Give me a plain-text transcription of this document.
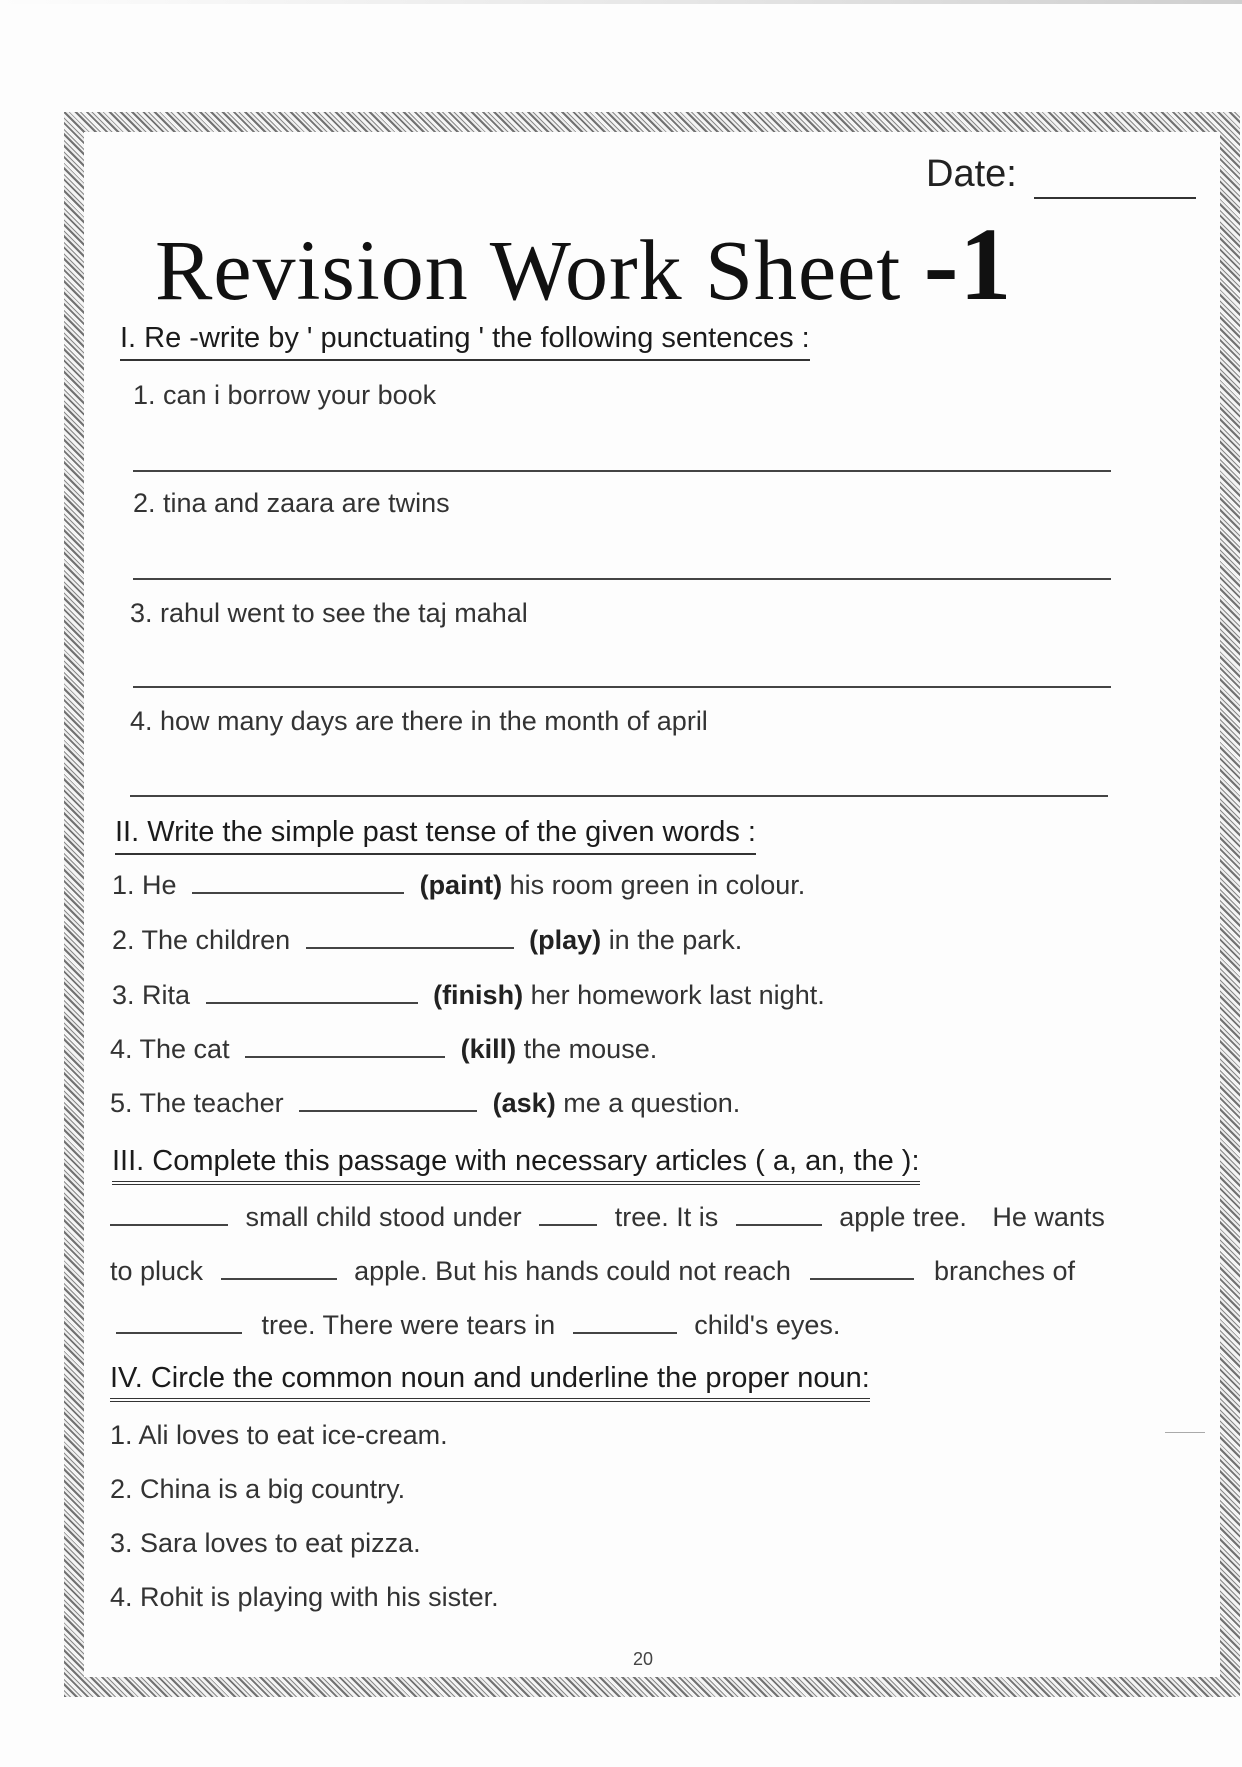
Date:
Revision Work Sheet -1
I. Re -write by ' punctuating ' the following sentences :
1. can i borrow your book
2. tina and zaara are twins
3. rahul went to see the taj mahal
4. how many days are there in the month of april
II. Write the simple past tense of the given words :
1. He	(paint) his room green in colour.
2. The children	(play) in the park.
3. Rita	(finish) her homework last night.
4. The cat	(kill) the mouse.
5. The teacher	(ask) me a question.
III. Complete this passage with necessary articles ( a, an, the ):
small child stood under	tree. It is	apple tree. He wants
to pluck	apple. But his hands could not reach	branches of
tree. There were tears in	child's eyes.
IV. Circle the common noun and underline the proper noun:
1. Ali loves to eat ice-cream.
2. China is a big country.
3. Sara loves to eat pizza.
4. Rohit is playing with his sister.
20
